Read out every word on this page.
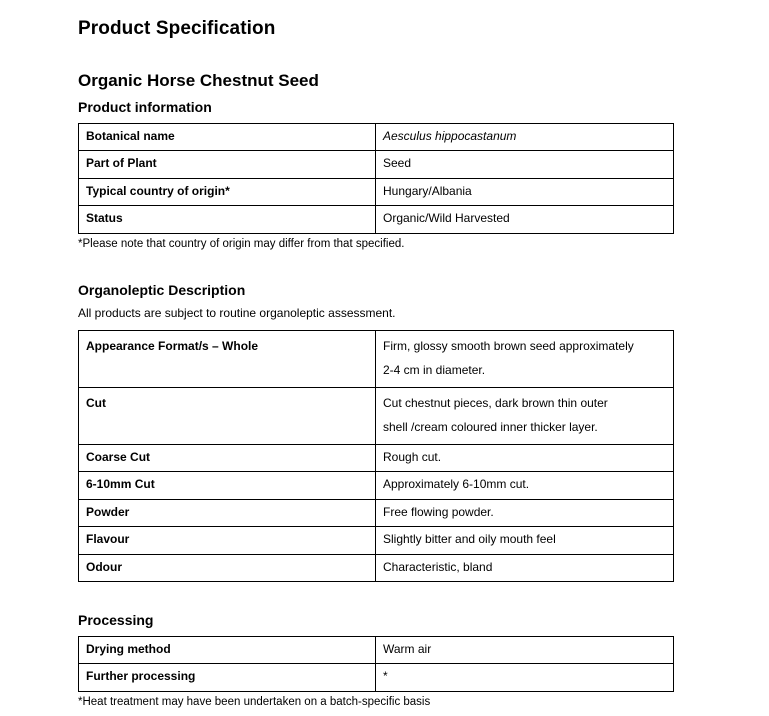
Product Specification
Organic Horse Chestnut Seed
Product information
Botanical name	Aesculus hippocastanum
Part of Plant	Seed
Typical country of origin*	Hungary/Albania
Status	Organic/Wild Harvested

*Please note that country of origin may differ from that specified.

Organoleptic Description

All products are subject to routine organoleptic assessment.

Appearance Format/s – Whole	Firm, glossy smooth brown seed approximately
2-4 cm in diameter.

Cut	Cut chestnut pieces, dark brown thin outer
shell /cream coloured inner thicker layer.

Coarse Cut	Rough cut.
6-10mm Cut	Approximately 6-10mm cut.
Powder	Free flowing powder.
Flavour	Slightly bitter and oily mouth feel
Odour	Characteristic, bland
Processing
Drying method	Warm air
Further processing	*

*Heat treatment may have been undertaken on a batch-specific basis
